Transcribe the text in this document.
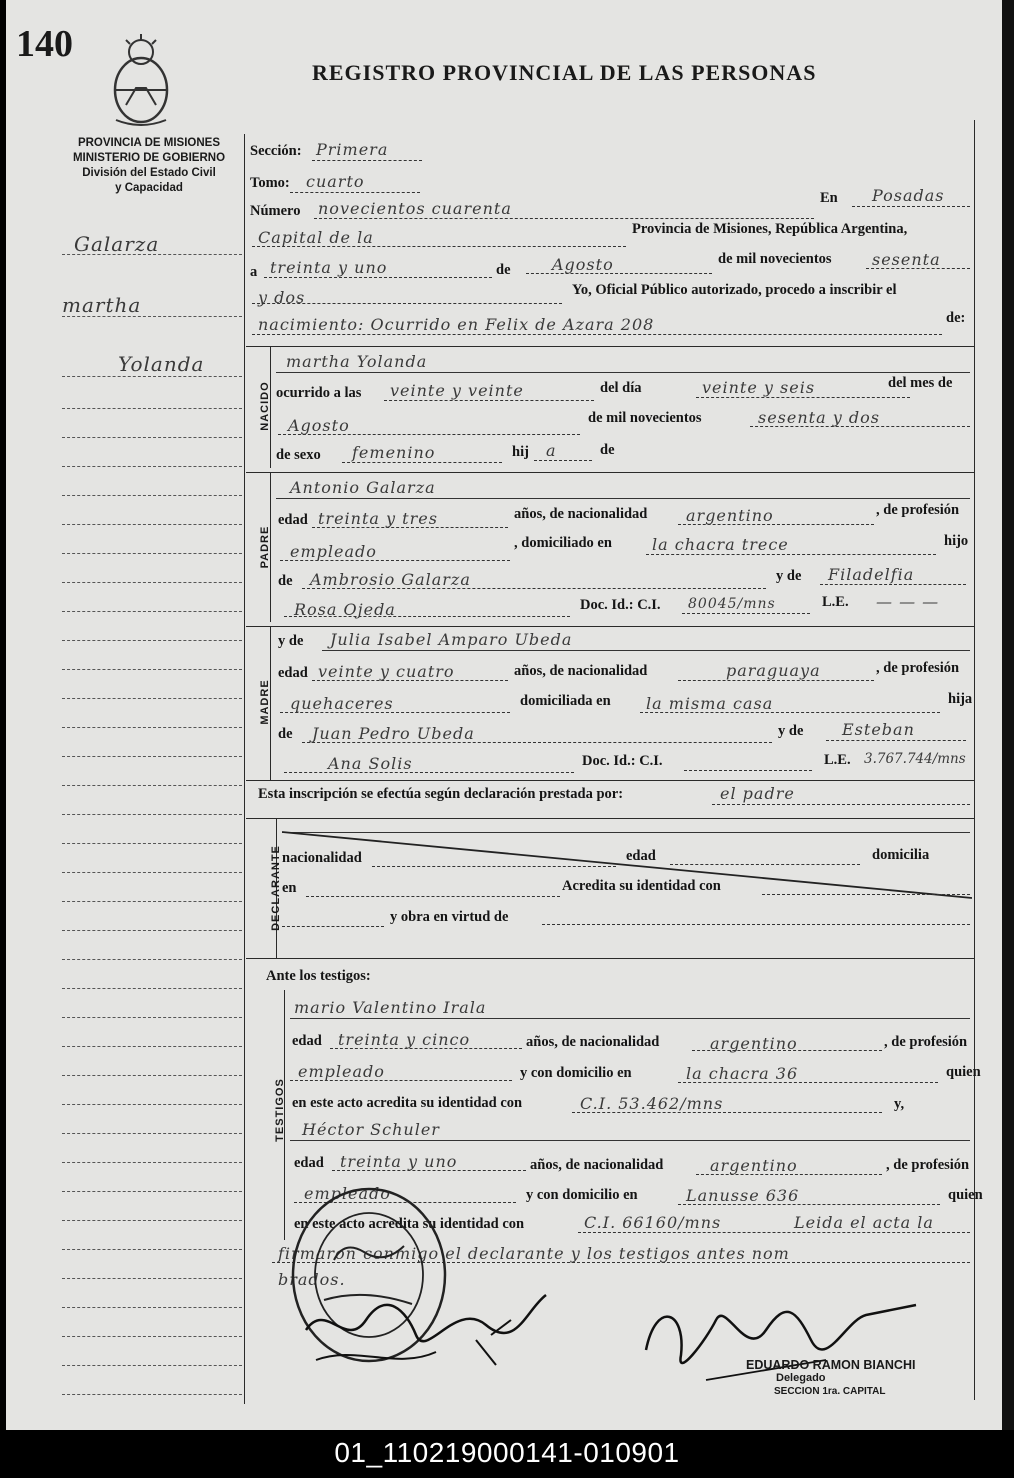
140
REGISTRO PROVINCIAL DE LAS PERSONAS
PROVINCIA DE MISIONES
MINISTERIO DE GOBIERNO
División del Estado Civil
y Capacidad
Galarza
martha
Yolanda
Sección: Primera
Tomo: cuarto
Número novecientos cuarenta
En Posadas
Capital de la	Provincia de Misiones, República Argentina,
a treinta y uno	de	Agosto	de mil novecientos	sesenta
y dos	Yo, Oficial Público autorizado, procedo a inscribir el
nacimiento: Ocurrido en Felix de Azara 208	de:
NACIDO
martha Yolanda
ocurrido a las veinte y veinte	del día	veinte y seis	del mes de
Agosto	de mil novecientos	sesenta y dos
de sexo femenino	hij a	de
PADRE
Antonio Galarza
edad treinta y tres	años, de nacionalidad argentino	, de profesión
empleado	, domiciliado en	la chacra trece	hijo
de Ambrosio Galarza	y de Filadelfia
Rosa Ojeda	Doc. Id.: C.I. 80045/mns	L.E. — — —
MADRE
y de Julia Isabel Amparo Ubeda
edad veinte y cuatro	años, de nacionalidad	paraguaya	, de profesión
quehaceres	domiciliada en la misma casa	hija
de Juan Pedro Ubeda	y de Esteban
Ana Solis	Doc. Id.: C.I.	L.E. 3.767.744/mns
Esta inscripción se efectúa según declaración prestada por:	el padre
DECLARANTE nacionalidad	edad	domicilia
en	Acredita su identidad con
y obra en virtud de
Ante los testigos:
TESTIGOS
mario Valentino Irala
edad treinta y cinco	años, de nacionalidad	argentino	, de profesión
empleado	y con domicilio en	la chacra 36	quien
en este acto acredita su identidad con	C.I. 53.462/mns	y,
Héctor Schuler
edad treinta y uno	años, de nacionalidad	argentino	, de profesión
empleado	y con domicilio en	Lanusse 636	quien
en este acto acredita su identidad con	C.I. 66160/mns	Leida el acta la
firmaron conmigo el declarante y los testigos antes nom
brados.
EDUARDO RAMON BIANCHI
Delegado
SECCION 1ra. CAPITAL
01_110219000141-010901
